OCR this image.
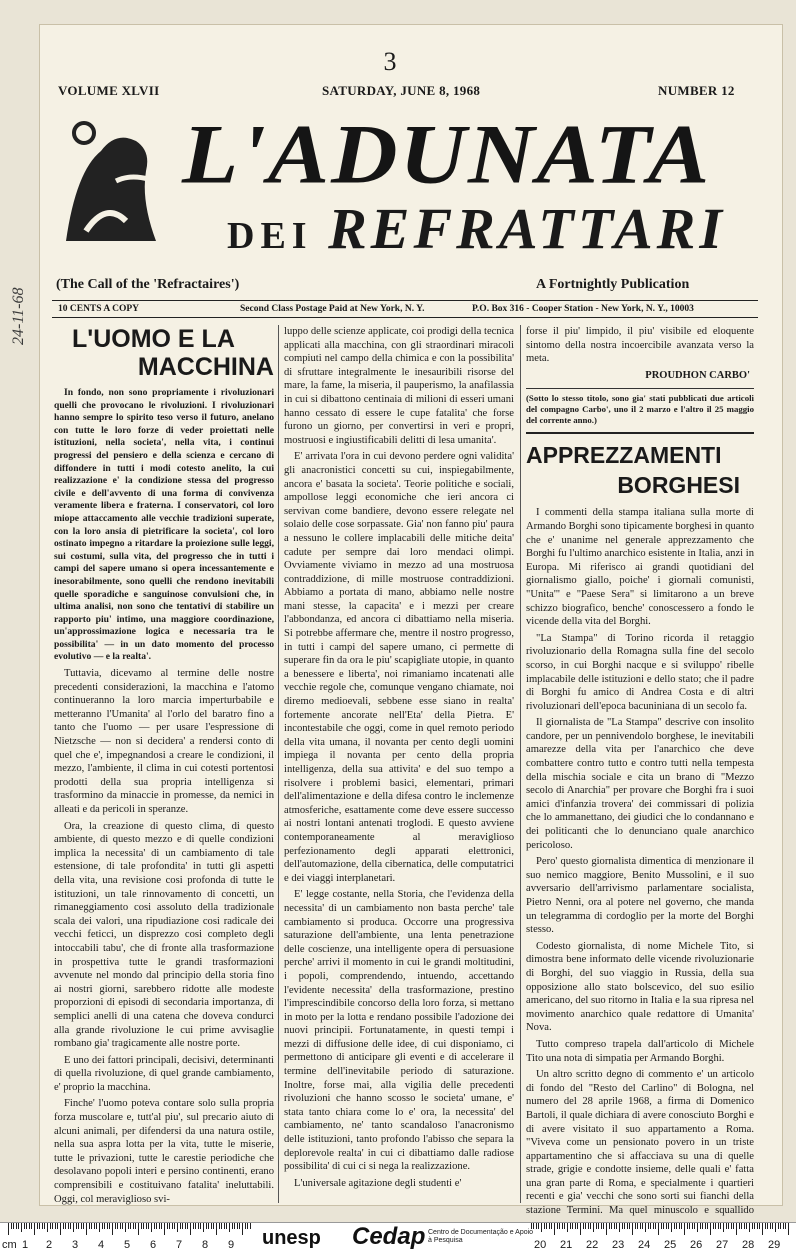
3
VOLUME XLVII	SATURDAY, JUNE 8, 1968	NUMBER 12
L'ADUNATA
DEI REFRATTARI
(The Call of the 'Refractaires')	A Fortnightly Publication
10 CENTS A COPY	Second Class Postage Paid at New York, N. Y.	P.O. Box 316 - Cooper Station - New York, N. Y., 10003
L'UOMO E LA
MACCHINA

In fondo, non sono propriamente i rivoluzionari quelli che provocano le rivoluzioni. I rivoluzionari hanno sempre lo spirito teso verso il futuro, anelano con tutte le loro forze di veder proiettati nelle istituzioni, nella societa', nella vita, i continui progressi del pensiero e della scienza e cercano di diffondere in tutti i modi cotesto anelito, la cui realizzazione e' la condizione stessa del progresso civile e dell'avvento di una forma di convivenza veramente libera e fraterna. I conservatori, col loro miope attaccamento alle vecchie tradizioni superate, con la loro ansia di pietrificare la societa', col loro ostinato impegno a ritardare la proiezione sulle leggi, sui costumi, sulla vita, del progresso che in tutti i campi del sapere umano si opera incessantemente e inesorabilmente, sono quelli che rendono inevitabili quelle sporadiche e sanguinose convulsioni che, in ultima analisi, non sono che tentativi di stabilire un rapporto piu' intimo, una maggiore coordinazione, un'approssimazione logica e necessaria tra le possibilita' — in un dato momento del processo evolutivo — e la realta'.

Tuttavia, dicevamo al termine delle nostre precedenti considerazioni, la macchina e l'atomo continueranno la loro marcia imperturbabile e metteranno l'Umanita' al l'orlo del baratro fino a tanto che l'uomo — per usare l'espressione di Nietzsche — non si decidera' a rendersi conto di quel che e', impegnandosi a creare le condizioni, il mezzo, l'ambiente, il clima in cui cotesti portentosi prodotti della sua propria intelligenza si trasformino da minaccie in promesse, da nemici in alleati e da pericoli in speranze.

Ora, la creazione di questo clima, di questo ambiente, di questo mezzo e di quelle condizioni implica la necessita' di un cambiamento di tale estensione, di tale profondita' in tutti gli aspetti della vita, una revisione cosi profonda di tutte le istituzioni, un tale rinnovamento di concetti, un rimaneggiamento cosi assoluto della tradizionale scala dei valori, una ripudiazione cosi radicale dei vecchi feticci, un disprezzo cosi completo degli intoccabili tabu', che di fronte alla trasformazione in prospettiva tutte le grandi trasformazioni avvenute nel mondo dal principio della storia fino ai nostri giorni, sarebbero ridotte alle modeste proporzioni di episodi di secondaria importanza, di semplici anelli di una catena che doveva condurci alla grande rivoluzione le cui prime avvisaglie rombano gia' tragicamente alle nostre porte.

E uno dei fattori principali, decisivi, determinanti di quella rivoluzione, di quel grande cambiamento, e' proprio la macchina.

Finche' l'uomo poteva contare solo sulla propria forza muscolare e, tutt'al piu', sul precario aiuto di alcuni animali, per difendersi da una natura ostile, nella sua aspra lotta per la vita, tutte le miserie, tutte le privazioni, tutte le carestie periodiche che desolavano popoli interi e persino continenti, erano comprensibili e costituivano fatalita' ineluttabili. Oggi, col meraviglioso svi-

luppo delle scienze applicate, coi prodigi della tecnica applicati alla macchina, con gli straordinari miracoli compiuti nel campo della chimica e con la possibilita' di sfruttare integralmente le inesauribili risorse del mare, la fame, la miseria, il pauperismo, la anafilassia in cui si dibattono centinaia di milioni di esseri umani hanno cessato di essere le cupe fatalita' che forse furono un giorno, per convertirsi in veri e propri, mostruosi e ingiustificabili delitti di lesa umanita'.

E' arrivata l'ora in cui devono perdere ogni validita' gli anacronistici concetti su cui, inspiegabilmente, ancora e' basata la societa'. Teorie politiche e sociali, ampollose leggi economiche che ieri ancora ci servivan come bandiere, devono essere relegate nel solaio delle cose sorpassate. Gia' non fanno piu' paura a nessuno le collere implacabili delle mitiche deita' cadute per sempre dai loro mendaci olimpi. Ovviamente viviamo in mezzo ad una mostruosa contraddizione, di mille mostruose contraddizioni. Abbiamo a portata di mano, abbiamo nelle nostre mani stesse, la capacita' e i mezzi per creare l'abbondanza, ed ancora ci dibattiamo nella miseria. Si potrebbe affermare che, mentre il nostro progresso, in tutti i campi del sapere umano, ci permette di superare fin da ora le piu' scapigliate utopie, in quanto a benessere e liberta', noi rimaniamo incatenati alle vecchie regole che, comunque vengano chiamate, noi diremo medioevali, sebbene esse siano in realta' fortemente ancorate nell'Eta' della Pietra. E' incontestabile che oggi, come in quel remoto periodo della vita umana, il novanta per cento degli uomini impiega il novanta per cento della propria intelligenza, della sua attivita' e del suo tempo a risolvere i problemi basici, elementari, primari dell'alimentazione e della difesa contro le inclemenze atmosferiche, esattamente come deve essere successo ai nostri lontani antenati troglodi. E questo avviene contemporaneamente al meraviglioso perfezionamento degli apparati elettronici, dell'automazione, della cibernatica, delle computatrici e dei viaggi interplanetari.

E' legge costante, nella Storia, che l'evidenza della necessita' di un cambiamento non basta perche' tale cambiamento si produca. Occorre una progressiva saturazione dell'ambiente, una lenta penetrazione delle coscienze, una intelligente opera di persuasione perche' arrivi il momento in cui le grandi moltitudini, i popoli, comprendendo, intuendo, accettando l'evidente necessita' della trasformazione, prestino l'imprescindibile concorso della loro forza, si mettano in moto per la lotta e rendano possibile l'adozione dei nuovi principii. Fortunatamente, in questi tempi i mezzi di diffusione delle idee, di cui disponiamo, ci permettono di anticipare gli eventi e di accelerare il termine dell'inevitabile periodo di saturazione. Inoltre, forse mai, alla vigilia delle precedenti rivoluzioni che hanno scosso le societa' umane, e' stata tanto chiara come lo e' ora, la necessita' del cambiamento, ne' tanto scandaloso l'anacronismo delle istituzioni, tanto profondo l'abisso che separa la deplorevole realta' in cui ci dibattiamo dalle radiose possibilita' di cui ci si nega la realizzazione.

L'universale agitazione degli studenti e'

forse il piu' limpido, il piu' visibile ed eloquente sintomo della nostra incoercibile avanzata verso la meta.

PROUDHON CARBO'
(Sotto lo stesso titolo, sono gia' stati pubblicati due articoli del compagno Carbo', uno il 2 marzo e l'altro il 25 maggio del corrente anno.)
APPREZZAMENTI
BORGHESI

I commenti della stampa italiana sulla morte di Armando Borghi sono tipicamente borghesi in quanto che e' unanime nel generale apprezzamento che Borghi fu l'ultimo anarchico esistente in Italia, anzi in Europa. Mi riferisco ai grandi quotidiani del giornalismo giallo, poiche' i giornali comunisti, "Unita'" e "Paese Sera" si limitarono a un breve schizzo biografico, benche' conoscessero a fondo le vicende della vita del Borghi.

"La Stampa" di Torino ricorda il retaggio rivoluzionario della Romagna sulla fine del secolo scorso, in cui Borghi nacque e si sviluppo' ribelle implacabile delle istituzioni e dello stato; che il padre di Borghi fu amico di Andrea Costa e di altri rivoluzionari dell'epoca bacuniniana di un secolo fa.

Il giornalista de "La Stampa" descrive con insolito candore, per un pennivendolo borghese, le inevitabili amarezze della vita per l'anarchico che deve combattere contro tutto e contro tutti nella tempesta della mischia sociale e cita un brano di "Mezzo secolo di Anarchia" per provare che Borghi fra i suoi amici d'infanzia trovera' dei commissari di polizia che lo ammanettano, dei giudici che lo condannano e dei politicanti che lo denunciano quale anarchico pericoloso.

Pero' questo giornalista dimentica di menzionare il suo nemico maggiore, Benito Mussolini, e il suo avversario dell'arrivismo parlamentare socialista, Pietro Nenni, ora al potere nel governo, che manda un telegramma di cordoglio per la morte del Borghi stesso.

Codesto giornalista, di nome Michele Tito, si dimostra bene informato delle vicende rivoluzionarie di Borghi, del suo viaggio in Russia, della sua opposizione allo stato bolscevico, del suo esilio americano, del suo ritorno in Italia e la sua ripresa nel movimento anarchico quale redattore di Umanita' Nova.

Tutto compreso trapela dall'articolo di Michele Tito una nota di simpatia per Armando Borghi.

Un altro scritto degno di commento e' un articolo di fondo del "Resto del Carlino" di Bologna, nel numero del 28 aprile 1968, a firma di Domenico Bartoli, il quale dichiara di avere conosciuto Borghi e di avere visitato il suo appartamento a Roma. "Viveva come un pensionato povero in un triste appartamentino che si affacciava su una di quelle strade, grigie e condotte insieme, delle quali e' fatta una gran parte di Roma, e specialmente i quartieri recenti e gia' vecchi che sono sorti sui fianchi della stazione Termini. Ma quel minuscolo e squallido

24-11-68
cm 1 2 3 4 5 6 7 8 9	20 21 22 23 24 25 26 27 28 29
unesp Cedap Centro de Documentação e Apoio à Pesquisa
